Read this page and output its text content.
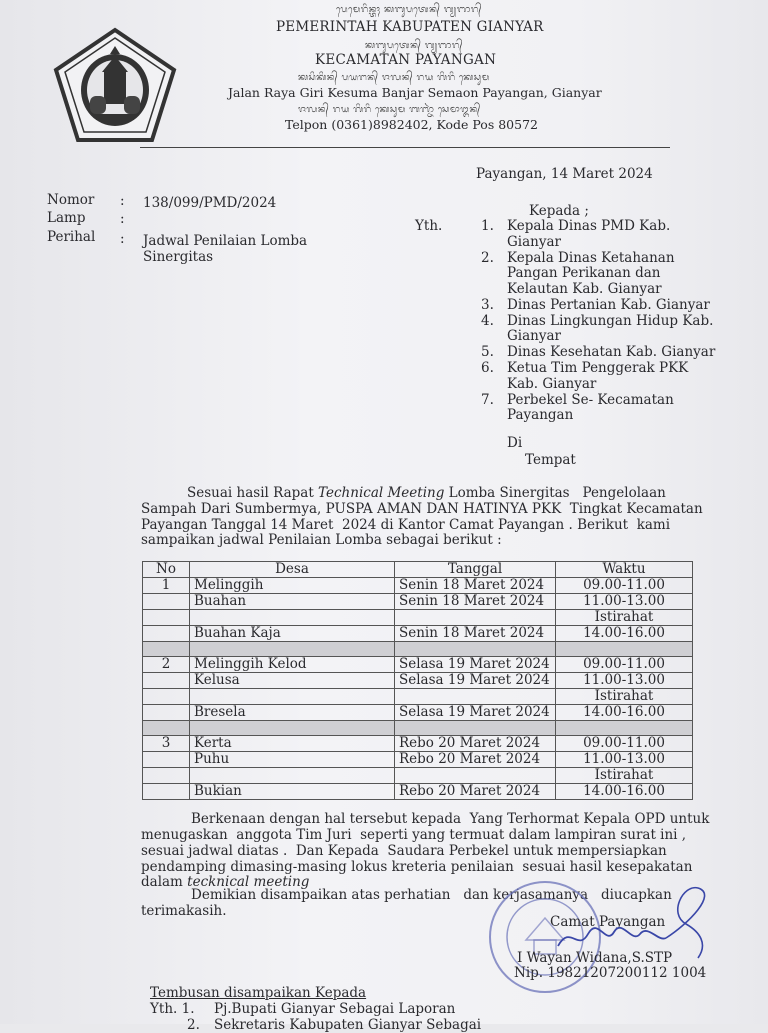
ᬧᬾᬫᬾᬭᬶᬦ᭄ᬢᬄ ᬓᬩᬸᬧᬢᬾᬦ᭄ ᬕ᭄ᬬᬜᬭ᭄
PEMERINTAH KABUPATEN GIANYAR
ᬓᬩᬸᬧᬢᬾᬦ᭄ ᬕ᭄ᬬᬜᬭ᭄
KECAMATAN PAYANGAN
ᬓᬲᬶᬓᬶᬦ᭄ ᬧᬬᬗᬦ᭄ ᬚᬮᬦ᭄ ᬭᬬ ᬕᬶᬭᬶ ᬓᬾᬲᬸᬫ
Jalan Raya Giri Kesuma Banjar Semaon Payangan, Gianyar
ᬚᬮᬦ᭄ ᬭᬬ ᬕᬶᬭᬶ ᬓᬾᬲᬸᬫ ᬩᬜ᭄ᬚᬃ ᬲᬾᬫᬵᬑᬦ᭄
Telpon (0361)8982402, Kode Pos 80572
Payangan, 14 Maret 2024
Nomor : 138/099/PMD/2024
Lamp	:
Perihal : Jadwal Penilaian Lomba
Sinergitas
Yth.
Kepada ;
1. Kepala Dinas PMD Kab.
Gianyar
2. Kepala Dinas Ketahanan
Pangan Perikanan dan
Kelautan Kab. Gianyar
3. Dinas Pertanian Kab. Gianyar
4. Dinas Lingkungan Hidup Kab.
Gianyar
5. Dinas Kesehatan Kab. Gianyar
6. Ketua Tim Penggerak PKK
Kab. Gianyar
7. Perbekel Se- Kecamatan
Payangan
Di
Tempat
Sesuai hasil Rapat Technical Meeting Lomba Sinergitas   Pengelolaan
Sampah Dari Sumbermya, PUSPA AMAN DAN HATINYA PKK  Tingkat Kecamatan
Payangan Tanggal 14 Maret  2024 di Kantor Camat Payangan . Berikut  kami
sampaikan jadwal Penilaian Lomba sebagai berikut :
No	Desa	Tanggal	Waktu
1	Melinggih	Senin 18 Maret 2024	09.00-11.00
	Buahan	Senin 18 Maret 2024	11.00-13.00
			Istirahat
	Buahan Kaja	Senin 18 Maret 2024	14.00-16.00

2	Melinggih Kelod	Selasa 19 Maret 2024	09.00-11.00
	Kelusa	Selasa 19 Maret 2024	11.00-13.00
			Istirahat
	Bresela	Selasa 19 Maret 2024	14.00-16.00

3	Kerta	Rebo 20 Maret 2024	09.00-11.00
	Puhu	Rebo 20 Maret 2024	11.00-13.00
			Istirahat
	Bukian	Rebo 20 Maret 2024	14.00-16.00
Berkenaan dengan hal tersebut kepada  Yang Terhormat Kepala OPD untuk
menugaskan  anggota Tim Juri  seperti yang termuat dalam lampiran surat ini ,
sesuai jadwal diatas .  Dan Kepada  Saudara Perbekel untuk mempersiapkan
pendamping dimasing-masing lokus kreteria penilaian  sesuai hasil kesepakatan
dalam tecknical meeting
Demikian disampaikan atas perhatian   dan kerjasamanya   diucapkan
terimakasih.
Camat Payangan
I Wayan Widana,S.STP
Nip. 19821207200112 1004
Tembusan disampaikan Kepada
Yth. 1. Pj.Bupati Gianyar Sebagai Laporan
2. Sekretaris Kabupaten Gianyar Sebagai
